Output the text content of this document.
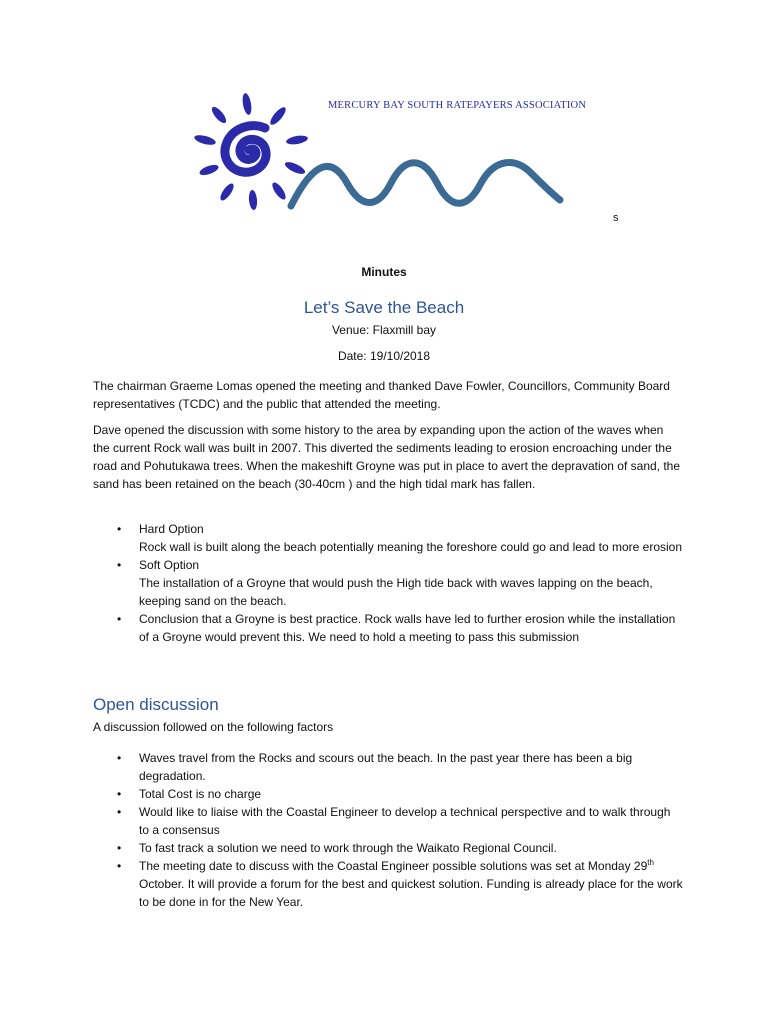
MERCURY BAY SOUTH RATEPAYERS ASSOCIATION
s
Minutes
Let’s Save the Beach
Venue: Flaxmill bay
Date: 19/10/2018

The chairman Graeme Lomas opened the meeting and thanked Dave Fowler, Councillors, Community Board representatives (TCDC) and the public that attended the meeting.

Dave opened the discussion with some history to the area by expanding upon the action of the waves when the current Rock wall was built in 2007. This diverted the sediments leading to erosion encroaching under the road and Pohutukawa trees. When the makeshift Groyne was put in place to avert the depravation of sand, the sand has been retained on the beach (30-40cm ) and the high tidal mark has fallen.

• Hard Option
Rock wall is built along the beach potentially meaning the foreshore could go and lead to more erosion
• Soft Option
The installation of a Groyne that would push the High tide back with waves lapping on the beach, keeping sand on the beach.
• Conclusion that a Groyne is best practice. Rock walls have led to further erosion while the installation of a Groyne would prevent this. We need to hold a meeting to pass this submission
Open discussion

A discussion followed on the following factors

• Waves travel from the Rocks and scours out the beach. In the past year there has been a big degradation.
• Total Cost is no charge
• Would like to liaise with the Coastal Engineer to develop a technical perspective and to walk through to a consensus
• To fast track a solution we need to work through the Waikato Regional Council.
• The meeting date to discuss with the Coastal Engineer possible solutions was set at Monday 29th October. It will provide a forum for the best and quickest solution. Funding is already place for the work to be done in for the New Year.
